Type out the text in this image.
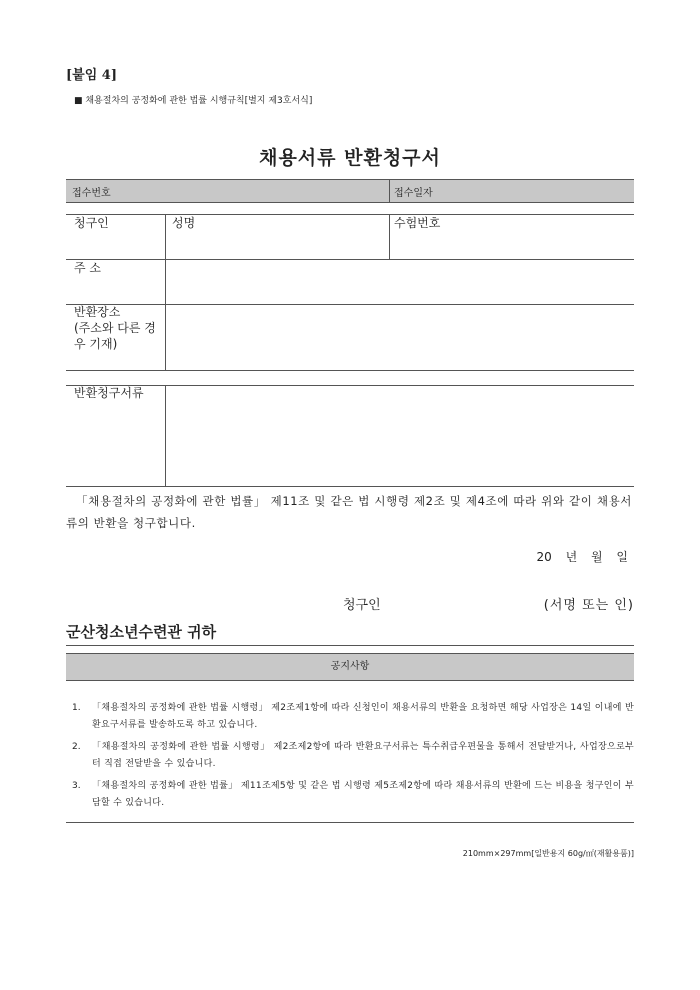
[붙임 4]
■ 채용절차의 공정화에 관한 법률 시행규칙[별지 제3호서식]
채용서류 반환청구서
접수번호	접수일자
청구인	성명	수험번호
주 소
반환장소
(주소와 다른 경
우 기재)
반환청구서류
「채용절차의 공정화에 관한 법률」 제11조 및 같은 법 시행령 제2조 및 제4조에 따라 위와 같이 채용서류의 반환을 청구합니다.
20 년 월 일
청구인	(서명 또는 인)
군산청소년수련관 귀하
공지사항
1.	「채용절차의 공정화에 관한 법률 시행령」 제2조제1항에 따라 신청인이 채용서류의 반환을 요청하면 해당 사업장은 14일 이내에 반환요구서류를 발송하도록 하고 있습니다.
2.	「채용절차의 공정화에 관한 법률 시행령」 제2조제2항에 따라 반환요구서류는 특수취급우편물을 통해서 전달받거나, 사업장으로부터 직접 전달받을 수 있습니다.
3.	「채용절차의 공정화에 관한 법률」 제11조제5항 및 같은 법 시행령 제5조제2항에 따라 채용서류의 반환에 드는 비용을 청구인이 부담할 수 있습니다.
210mm×297mm[일반용지 60g/㎡(재활용품)]
